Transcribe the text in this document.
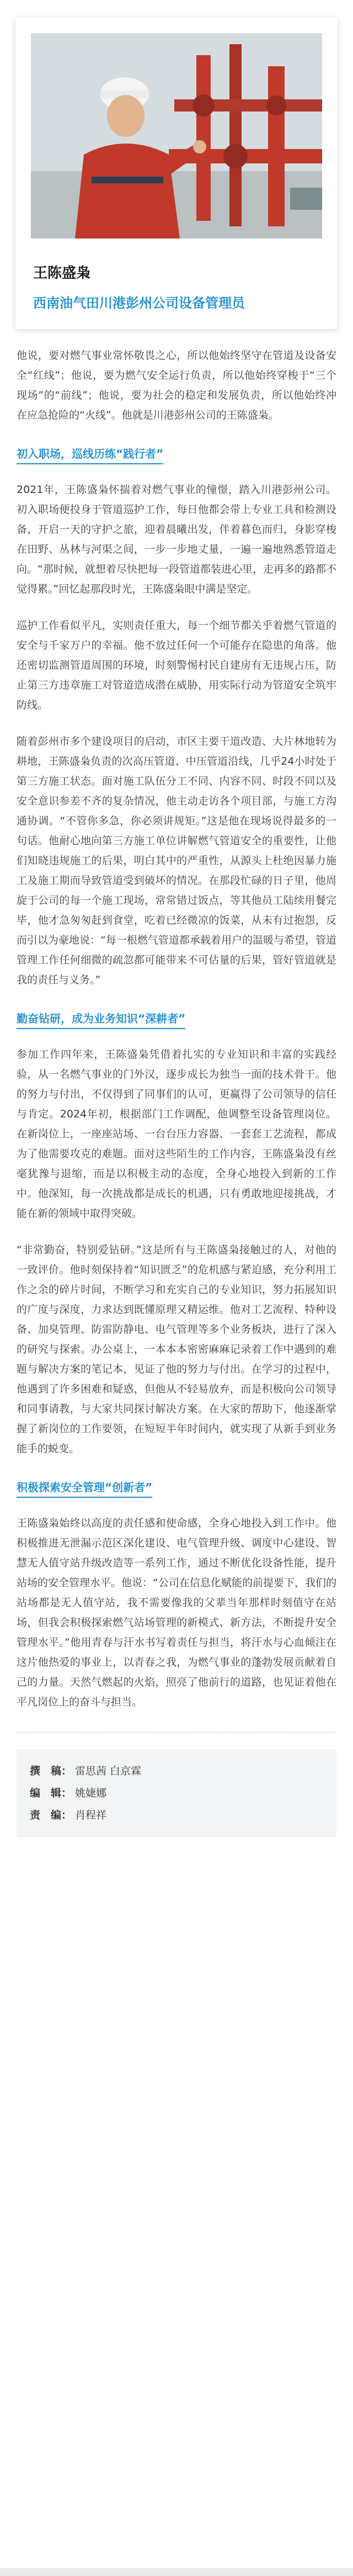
王陈盛枭
西南油气田川港彭州公司设备管理员

他说，要对燃气事业常怀敬畏之心，所以他始终坚守在管道及设备安全“红线”；他说，要为燃气安全运行负责，所以他始终穿梭于“三个现场”的“前线”；他说，要为社会的稳定和发展负责，所以他始终冲在应急抢险的“火线”。他就是川港彭州公司的王陈盛枭。

初入职场，巡线历练“践行者”

2021年，王陈盛枭怀揣着对燃气事业的憧憬，踏入川港彭州公司。初入职场便投身于管道巡护工作，每日他都会带上专业工具和检测设备，开启一天的守护之旅，迎着晨曦出发，伴着暮色而归，身影穿梭在田野、丛林与河渠之间，一步一步地丈量，一遍一遍地熟悉管道走向。“那时候，就想着尽快把每一段管道都装进心里，走再多的路都不觉得累。”回忆起那段时光，王陈盛枭眼中满是坚定。

巡护工作看似平凡，实则责任重大，每一个细节都关乎着燃气管道的安全与千家万户的幸福。他不放过任何一个可能存在隐患的角落。他还密切监测管道周围的环境，时刻警惕村民自建房有无违规占压，防止第三方违章施工对管道造成潜在威胁，用实际行动为管道安全筑牢防线。

随着彭州市多个建设项目的启动，市区主要干道改造、大片林地转为耕地，王陈盛枭负责的次高压管道、中压管道沿线，几乎24小时处于第三方施工状态。面对施工队伍分工不同、内容不同、时段不同以及安全意识参差不齐的复杂情况，他主动走访各个项目部，与施工方沟通协调。“不管你多急，你必须讲规矩。”这是他在现场说得最多的一句话。他耐心地向第三方施工单位讲解燃气管道安全的重要性，让他们知晓违规施工的后果，明白其中的严重性，从源头上杜绝因暴力施工及施工期而导致管道受到破坏的情况。在那段忙碌的日子里，他周旋于公司的每一个施工现场，常常错过饭点，等其他员工陆续用餐完毕，他才急匆匆赶到食堂，吃着已经微凉的饭菜，从未有过抱怨，反而引以为豪地说：“每一根燃气管道都承载着用户的温暖与希望，管道管理工作任何细微的疏忽都可能带来不可估量的后果，管好管道就是我的责任与义务。”

勤奋钻研，成为业务知识“深耕者”

参加工作四年来，王陈盛枭凭借着扎实的专业知识和丰富的实践经验，从一名燃气事业的门外汉，逐步成长为独当一面的技术骨干。他的努力与付出，不仅得到了同事们的认可，更赢得了公司领导的信任与肯定。2024年初，根据部门工作调配，他调整至设备管理岗位。在新岗位上，一座座站场、一台台压力容器、一套套工艺流程，都成为了他需要攻克的难题。面对这些陌生的工作内容，王陈盛枭没有丝毫犹豫与退缩，而是以积极主动的态度，全身心地投入到新的工作中。他深知，每一次挑战都是成长的机遇，只有勇敢地迎接挑战，才能在新的领域中取得突破。

“非常勤奋，特别爱钻研。”这是所有与王陈盛枭接触过的人，对他的一致评价。他时刻保持着“知识匮乏”的危机感与紧迫感，充分利用工作之余的碎片时间，不断学习和充实自己的专业知识，努力拓展知识的广度与深度，力求达到既懂原理又精运维。他对工艺流程、特种设备、加臭管理、防雷防静电、电气管理等多个业务板块，进行了深入的研究与探索。办公桌上，一本本本密密麻麻记录着工作中遇到的难题与解决方案的笔记本，见证了他的努力与付出。在学习的过程中，他遇到了许多困难和疑惑，但他从不轻易放弃，而是积极向公司领导和同事请教，与大家共同探讨解决方案。在大家的帮助下，他逐渐掌握了新岗位的工作要领，在短短半年时间内，就实现了从新手到业务能手的蜕变。

积极探索安全管理“创新者”

王陈盛枭始终以高度的责任感和使命感，全身心地投入到工作中。他积极推进无泄漏示范区深化建设、电气管理升级、调度中心建设、智慧无人值守站升级改造等一系列工作，通过不断优化设备性能，提升站场的安全管理水平。他说：“公司在信息化赋能的前提要下，我们的站场都是无人值守站，我不需要像我的父辈当年那样时刻值守在站场，但我会积极探索燃气站场管理的新模式、新方法，不断提升安全管理水平。”他用青春与汗水书写着责任与担当，将汗水与心血倾注在这片他热爱的事业上，以青春之我，为燃气事业的蓬勃发展贡献着自己的力量。天然气燃起的火焰，照亮了他前行的道路，也见证着他在平凡岗位上的奋斗与担当。

撰　稿： 雷思茜 白京霖
编　辑： 姚婕娜
责　编： 肖程祥
